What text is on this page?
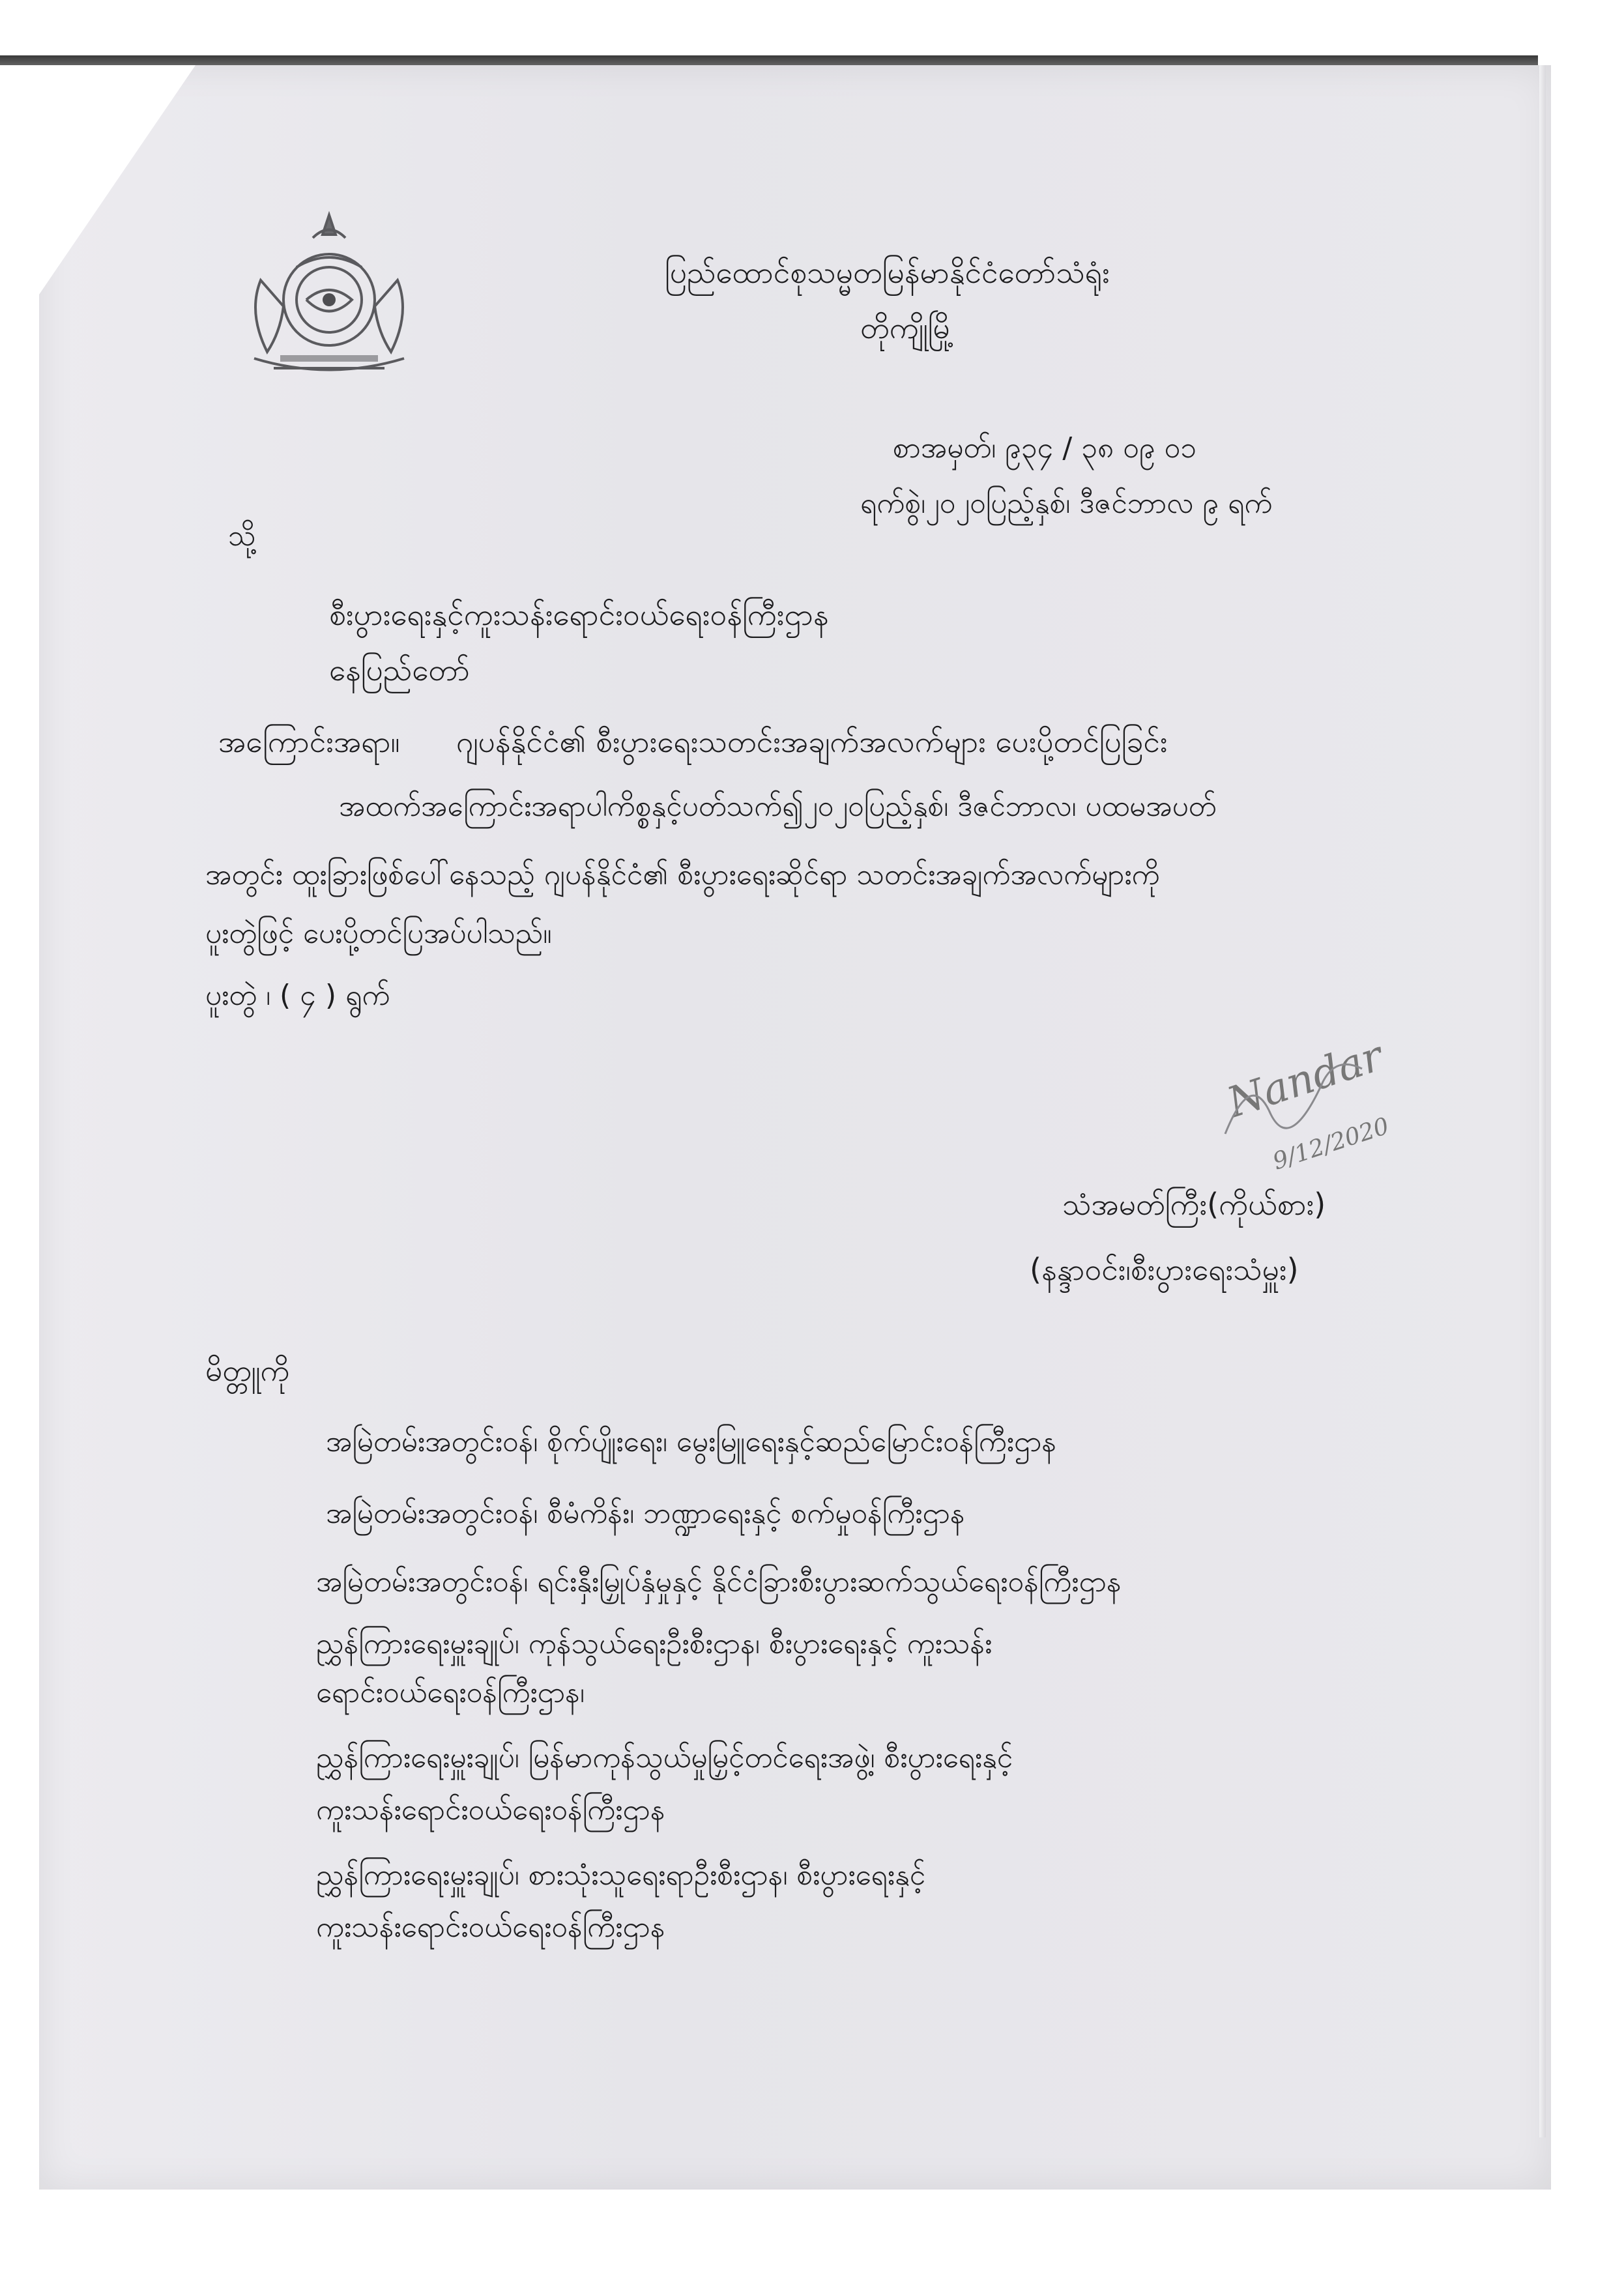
ပြည်ထောင်စုသမ္မတမြန်မာနိုင်ငံတော်သံရုံး
တိုကျိုမြို့
စာအမှတ်၊ ၉၃၄ / ၃၈ ၀၉ ၀၁
ရက်စွဲ၊၂၀၂၀ပြည့်နှစ်၊ ဒီဇင်ဘာလ ၉ ရက်
သို့
စီးပွားရေးနှင့်ကူးသန်းရောင်းဝယ်ရေးဝန်ကြီးဌာန
နေပြည်တော်
အကြောင်းအရာ။ ဂျပန်နိုင်ငံ၏ စီးပွားရေးသတင်းအချက်အလက်များ ပေးပို့တင်ပြခြင်း
အထက်အကြောင်းအရာပါကိစ္စနှင့်ပတ်သက်၍၂၀၂၀ပြည့်နှစ်၊ ဒီဇင်ဘာလ၊ ပထမအပတ်
အတွင်း ထူးခြားဖြစ်ပေါ်နေသည့် ဂျပန်နိုင်ငံ၏ စီးပွားရေးဆိုင်ရာ သတင်းအချက်အလက်များကို
ပူးတွဲဖြင့် ပေးပို့တင်ပြအပ်ပါသည်။
ပူးတွဲ ၊ ( ၄ ) ရွက်
Nandar
9/12/2020
သံအမတ်ကြီး(ကိုယ်စား)
(နန္ဒာဝင်း၊စီးပွားရေးသံမှူး)
မိတ္တူကို
အမြဲတမ်းအတွင်းဝန်၊ စိုက်ပျိုးရေး၊ မွေးမြူရေးနှင့်ဆည်မြောင်းဝန်ကြီးဌာန
အမြဲတမ်းအတွင်းဝန်၊ စီမံကိန်း၊ ဘဏ္ဍာရေးနှင့် စက်မှုဝန်ကြီးဌာန
အမြဲတမ်းအတွင်းဝန်၊ ရင်းနှီးမြှုပ်နှံမှုနှင့် နိုင်ငံခြားစီးပွားဆက်သွယ်ရေးဝန်ကြီးဌာန
ညွှန်ကြားရေးမှူးချုပ်၊ ကုန်သွယ်ရေးဦးစီးဌာန၊ စီးပွားရေးနှင့် ကူးသန်း
ရောင်းဝယ်ရေးဝန်ကြီးဌာန၊
ညွှန်ကြားရေးမှူးချုပ်၊ မြန်မာကုန်သွယ်မှုမြှင့်တင်ရေးအဖွဲ့၊ စီးပွားရေးနှင့်
ကူးသန်းရောင်းဝယ်ရေးဝန်ကြီးဌာန
ညွှန်ကြားရေးမှူးချုပ်၊ စားသုံးသူရေးရာဦးစီးဌာန၊ စီးပွားရေးနှင့်
ကူးသန်းရောင်းဝယ်ရေးဝန်ကြီးဌာန
